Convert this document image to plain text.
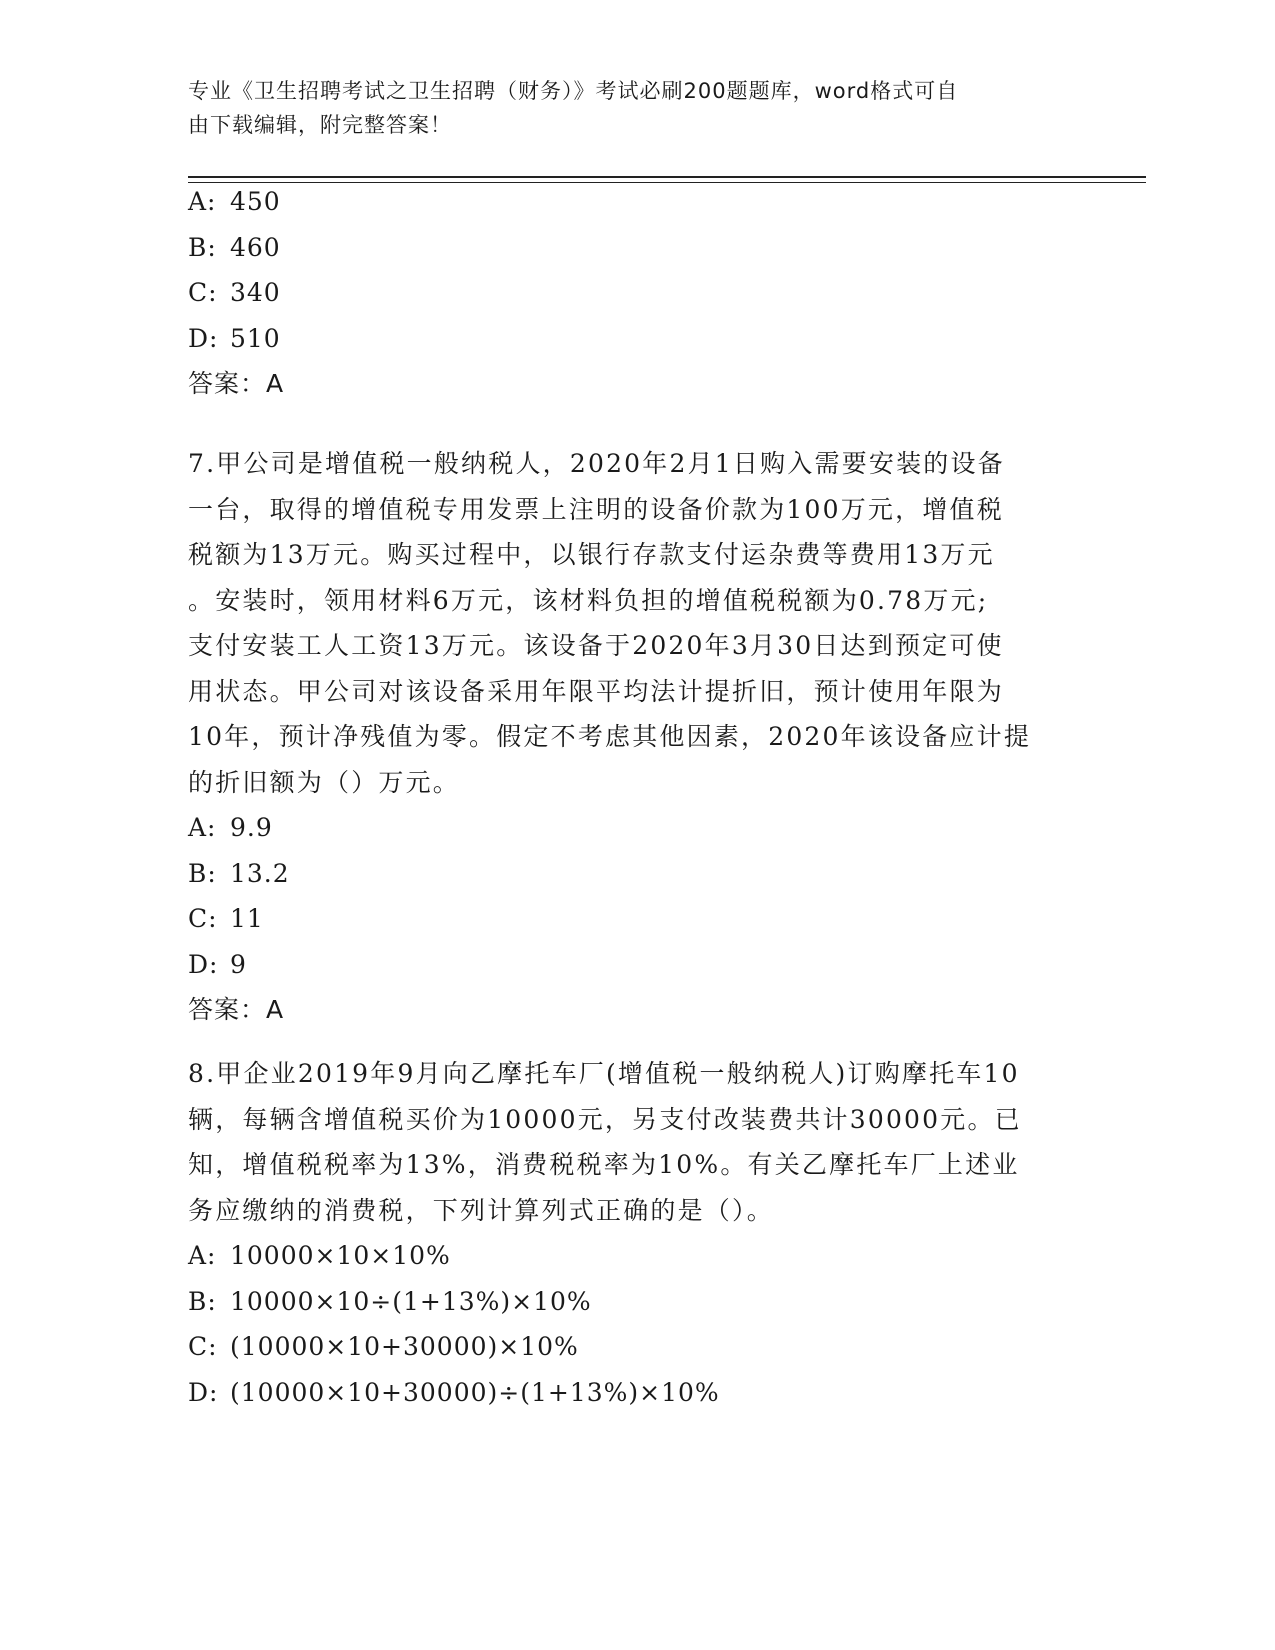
专业《卫生招聘考试之卫生招聘（财务）》考试必刷200题题库，word格式可自
由下载编辑，附完整答案！
A: 450
B: 460
C: 340
D: 510
答案：A
7.甲公司是增值税一般纳税人，2020年2月1日购入需要安装的设备
一台，取得的增值税专用发票上注明的设备价款为100万元，增值税
税额为13万元。购买过程中，以银行存款支付运杂费等费用13万元
。安装时，领用材料6万元，该材料负担的增值税税额为0.78万元;
支付安装工人工资13万元。该设备于2020年3月30日达到预定可使
用状态。甲公司对该设备采用年限平均法计提折旧，预计使用年限为
10年，预计净残值为零。假定不考虑其他因素，2020年该设备应计提
的折旧额为（）万元。
A: 9.9
B: 13.2
C: 11
D: 9
答案：A
8.甲企业2019年9月向乙摩托车厂(增值税一般纳税人)订购摩托车10
辆，每辆含增值税买价为10000元，另支付改装费共计30000元。已
知，增值税税率为13%，消费税税率为10%。有关乙摩托车厂上述业
务应缴纳的消费税，下列计算列式正确的是（）。
A: 10000×10×10%
B: 10000×10÷(1+13%)×10%
C: (10000×10+30000)×10%
D: (10000×10+30000)÷(1+13%)×10%
